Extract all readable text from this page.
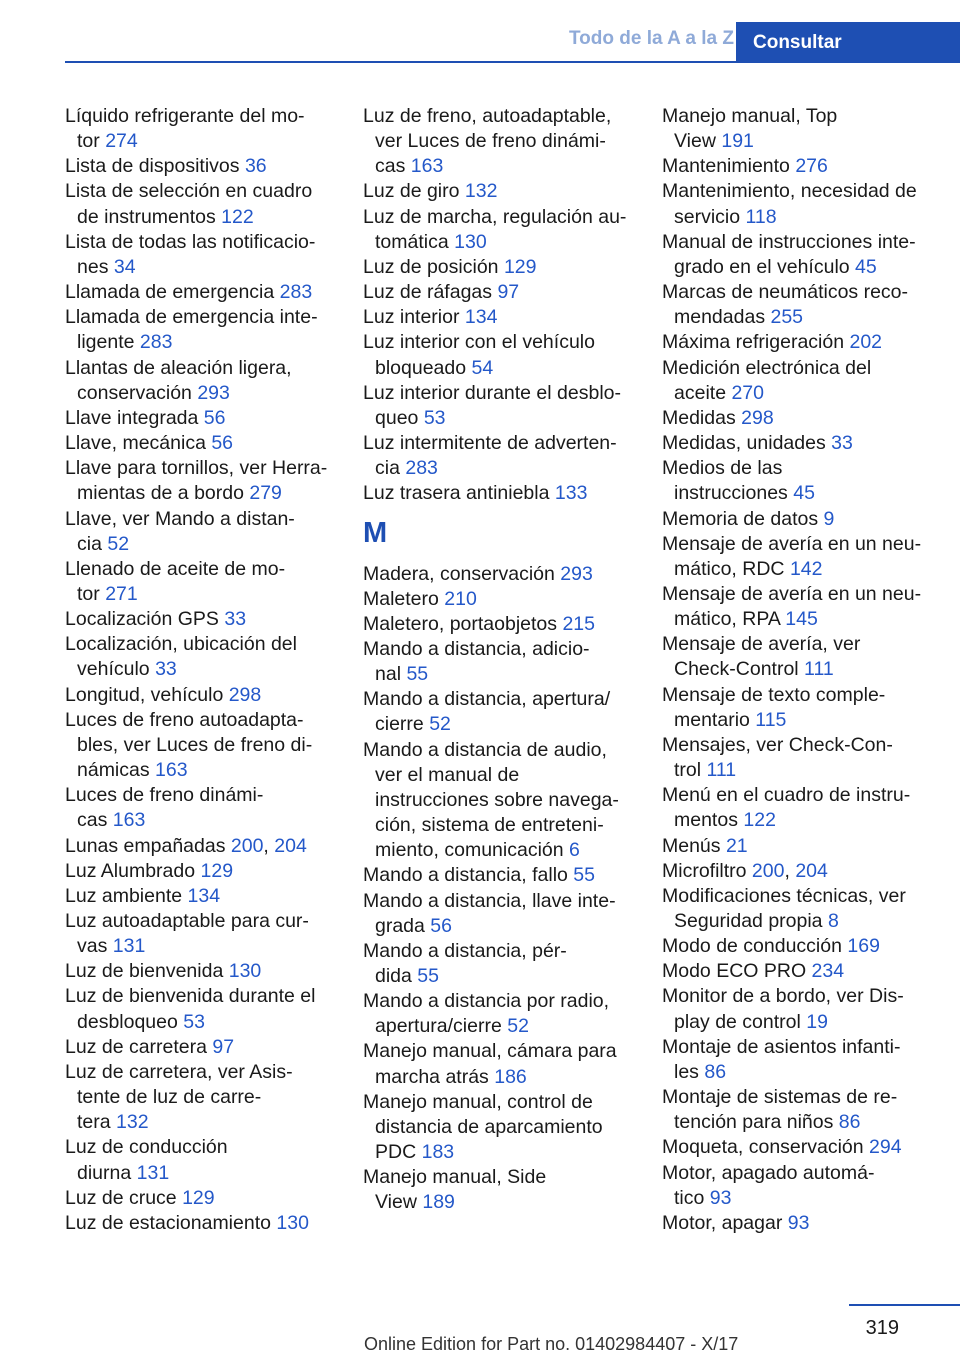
Todo de la A a la Z	Consultar
Líquido refrigerante del mo-
tor 274
Lista de dispositivos 36
Lista de selección en cuadro
de instrumentos 122
Lista de todas las notificacio-
nes 34
Llamada de emergencia 283
Llamada de emergencia inte-
ligente 283
Llantas de aleación ligera,
conservación 293
Llave integrada 56
Llave, mecánica 56
Llave para tornillos, ver Herra-
mientas de a bordo 279
Llave, ver Mando a distan-
cia 52
Llenado de aceite de mo-
tor 271
Localización GPS 33
Localización, ubicación del
vehículo 33
Longitud, vehículo 298
Luces de freno autoadapta-
bles, ver Luces de freno di-
námicas 163
Luces de freno dinámi-
cas 163
Lunas empañadas 200, 204
Luz Alumbrado 129
Luz ambiente 134
Luz autoadaptable para cur-
vas 131
Luz de bienvenida 130
Luz de bienvenida durante el
desbloqueo 53
Luz de carretera 97
Luz de carretera, ver Asis-
tente de luz de carre-
tera 132
Luz de conducción
diurna 131
Luz de cruce 129
Luz de estacionamiento 130
Luz de freno, autoadaptable,
ver Luces de freno dinámi-
cas 163
Luz de giro 132
Luz de marcha, regulación au-
tomática 130
Luz de posición 129
Luz de ráfagas 97
Luz interior 134
Luz interior con el vehículo
bloqueado 54
Luz interior durante el desblo-
queo 53
Luz intermitente de adverten-
cia 283
Luz trasera antiniebla 133
M
Madera, conservación 293
Maletero 210
Maletero, portaobjetos 215
Mando a distancia, adicio-
nal 55
Mando a distancia, apertura/
cierre 52
Mando a distancia de audio,
ver el manual de
instrucciones sobre navega-
ción, sistema de entreteni-
miento, comunicación 6
Mando a distancia, fallo 55
Mando a distancia, llave inte-
grada 56
Mando a distancia, pér-
dida 55
Mando a distancia por radio,
apertura/cierre 52
Manejo manual, cámara para
marcha atrás 186
Manejo manual, control de
distancia de aparcamiento
PDC 183
Manejo manual, Side
View 189
Manejo manual, Top
View 191
Mantenimiento 276
Mantenimiento, necesidad de
servicio 118
Manual de instrucciones inte-
grado en el vehículo 45
Marcas de neumáticos reco-
mendadas 255
Máxima refrigeración 202
Medición electrónica del
aceite 270
Medidas 298
Medidas, unidades 33
Medios de las
instrucciones 45
Memoria de datos 9
Mensaje de avería en un neu-
mático, RDC 142
Mensaje de avería en un neu-
mático, RPA 145
Mensaje de avería, ver
Check-Control 111
Mensaje de texto comple-
mentario 115
Mensajes, ver Check-Con-
trol 111
Menú en el cuadro de instru-
mentos 122
Menús 21
Microfiltro 200, 204
Modificaciones técnicas, ver
Seguridad propia 8
Modo de conducción 169
Modo ECO PRO 234
Monitor de a bordo, ver Dis-
play de control 19
Montaje de asientos infanti-
les 86
Montaje de sistemas de re-
tención para niños 86
Moqueta, conservación 294
Motor, apagado automá-
tico 93
Motor, apagar 93
319
Online Edition for Part no. 01402984407 - X/17
